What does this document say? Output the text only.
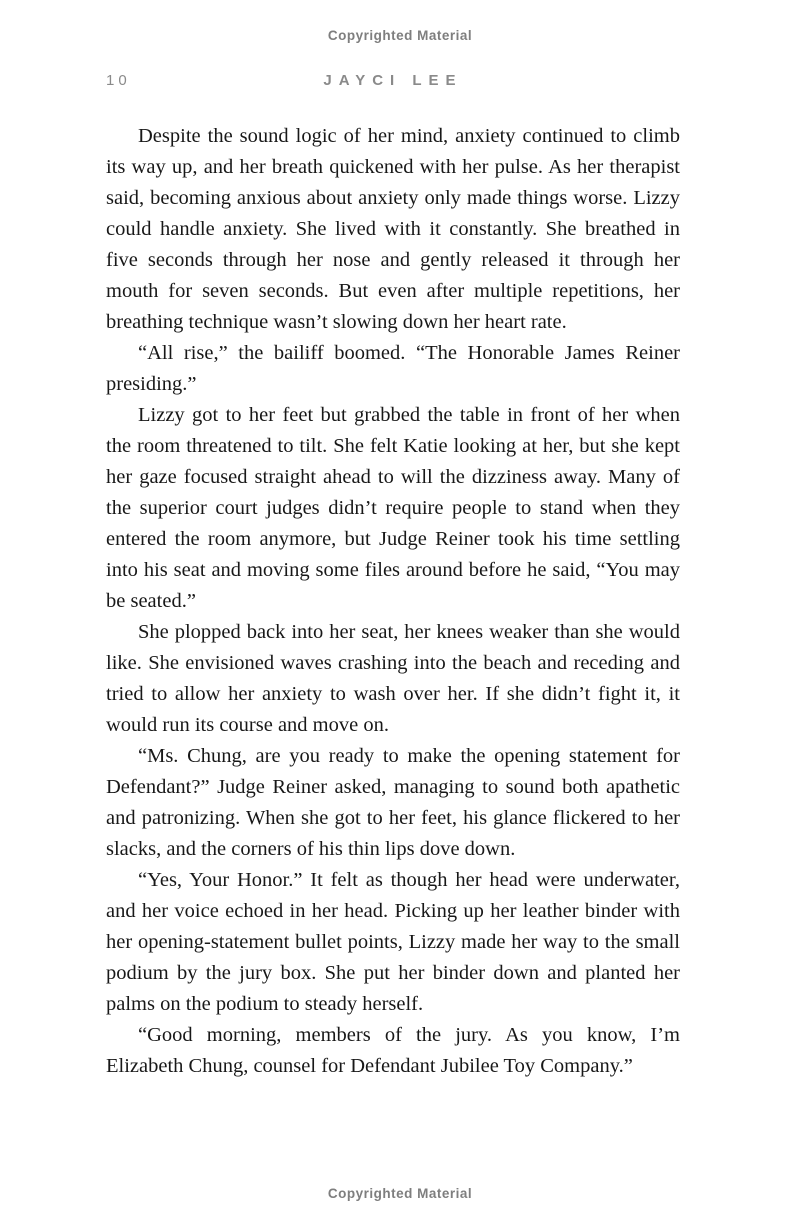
Copyrighted Material
10	JAYCI LEE

Despite the sound logic of her mind, anxiety continued to climb its way up, and her breath quickened with her pulse. As her therapist said, becoming anxious about anxiety only made things worse. Lizzy could handle anxiety. She lived with it constantly. She breathed in five seconds through her nose and gently released it through her mouth for seven seconds. But even after multiple repetitions, her breathing technique wasn’t slowing down her heart rate.

“All rise,” the bailiff boomed. “The Honorable James Reiner presiding.”

Lizzy got to her feet but grabbed the table in front of her when the room threatened to tilt. She felt Katie looking at her, but she kept her gaze focused straight ahead to will the dizziness away. Many of the superior court judges didn’t require people to stand when they entered the room anymore, but Judge Reiner took his time settling into his seat and moving some files around before he said, “You may be seated.”

She plopped back into her seat, her knees weaker than she would like. She envisioned waves crashing into the beach and receding and tried to allow her anxiety to wash over her. If she didn’t fight it, it would run its course and move on.

“Ms. Chung, are you ready to make the opening statement for Defendant?” Judge Reiner asked, managing to sound both apathetic and patronizing. When she got to her feet, his glance flickered to her slacks, and the corners of his thin lips dove down.

“Yes, Your Honor.” It felt as though her head were underwater, and her voice echoed in her head. Picking up her leather binder with her opening-statement bullet points, Lizzy made her way to the small podium by the jury box. She put her binder down and planted her palms on the podium to steady herself.

“Good morning, members of the jury. As you know, I’m Elizabeth Chung, counsel for Defendant Jubilee Toy Company.”

Copyrighted Material
